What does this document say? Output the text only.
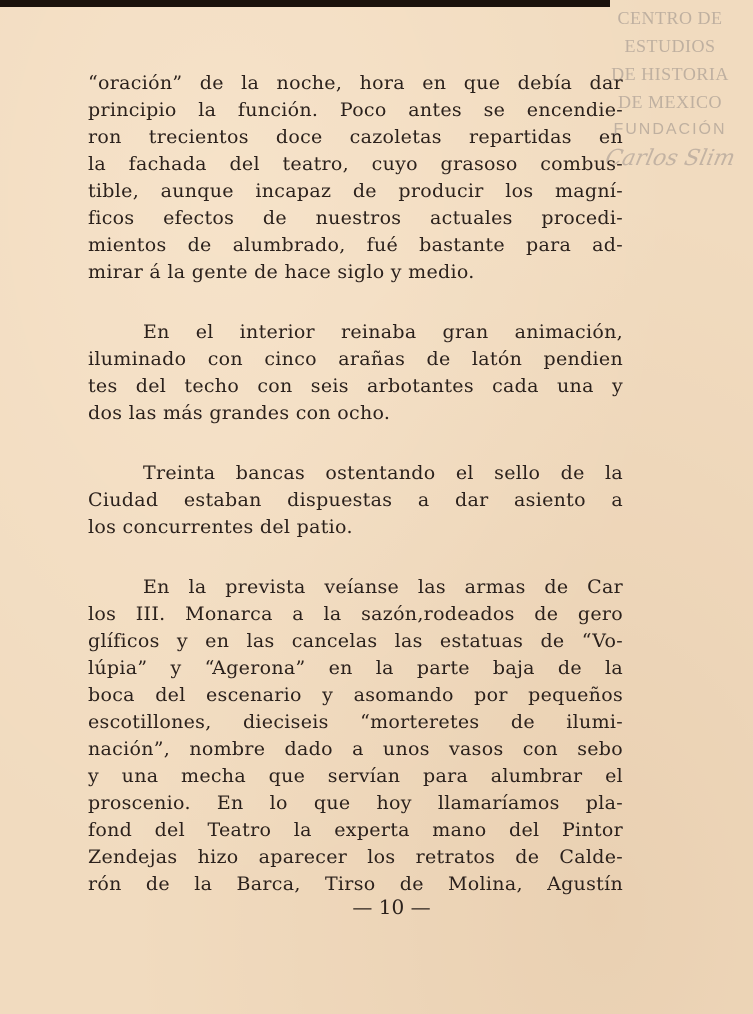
CENTRO DE
ESTUDIOS
DE HISTORIA
DE MEXICO
FUNDACIÓN
Carlos Slim
“oración” de la noche, hora en que debía dar
principio la función. Poco antes se encendie-
ron trecientos doce cazoletas repartidas en
la fachada del teatro, cuyo grasoso combus-
tible, aunque incapaz de producir los magní-
ficos efectos de nuestros actuales procedi-
mientos de alumbrado, fué bastante para ad-
mirar á la gente de hace siglo y medio.
En el interior reinaba gran animación,
iluminado con cinco arañas de latón pendien
tes del techo con seis arbotantes cada una y
dos las más grandes con ocho.
Treinta bancas ostentando el sello de la
Ciudad estaban dispuestas a dar asiento a
los concurrentes del patio.
En la prevista veíanse las armas de Car
los III. Monarca a la sazón,rodeados de gero
glíficos y en las cancelas las estatuas de “Vo-
lúpia” y “Agerona” en la parte baja de la
boca del escenario y asomando por pequeños
escotillones, dieciseis “morteretes de ilumi-
nación”, nombre dado a unos vasos con sebo
y una mecha que servían para alumbrar el
proscenio. En lo que hoy llamaríamos pla-
fond del Teatro la experta mano del Pintor
Zendejas hizo aparecer los retratos de Calde-
rón de la Barca, Tirso de Molina, Agustín
— 10 —
